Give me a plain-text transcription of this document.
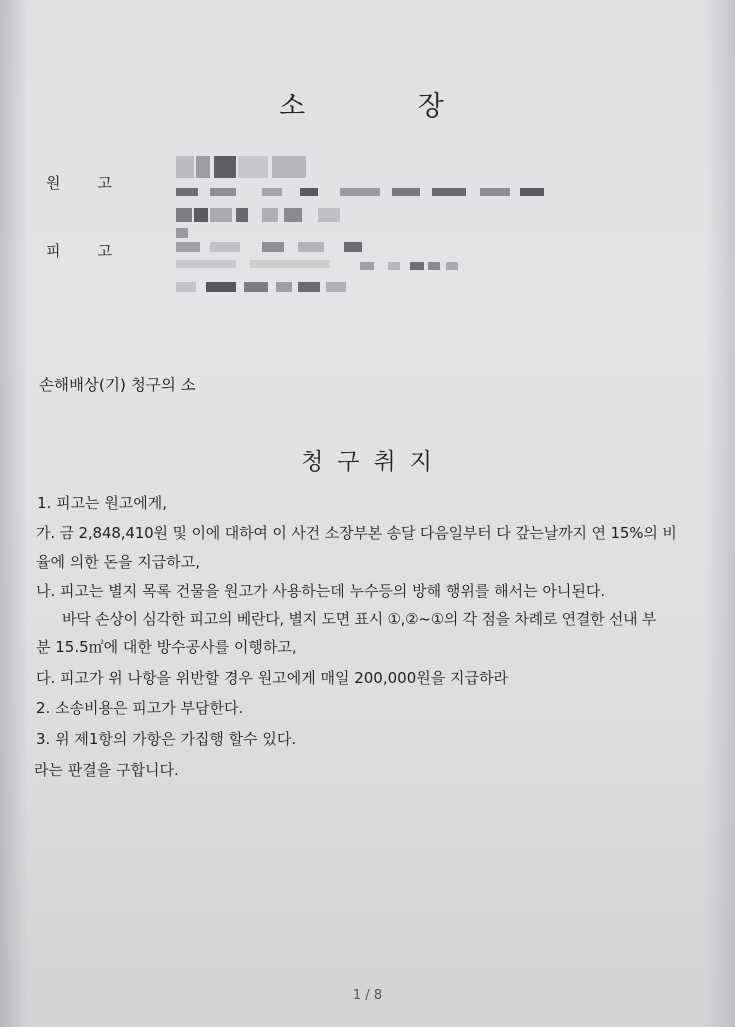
소 장
원고
피고
손해배상(기) 청구의 소
청구취지
1. 피고는 원고에게,
가. 금 2,848,410원 및 이에 대하여 이 사건 소장부본 송달 다음일부터 다 갚는날까지 연 15%의 비
율에 의한 돈을 지급하고,
나. 피고는 별지 목록 건물을 원고가 사용하는데 누수등의 방해 행위를 해서는 아니된다.
바닥 손상이 심각한 피고의 베란다, 별지 도면 표시 ①,②~①의 각 점을 차례로 연결한 선내 부
분 15.5㎡에 대한 방수공사를 이행하고,
다. 피고가 위 나항을 위반할 경우 원고에게 매일 200,000원을 지급하라
2. 소송비용은 피고가 부담한다.
3. 위 제1항의 가항은 가집행 할수 있다.
라는 판결을 구합니다.
1 / 8
